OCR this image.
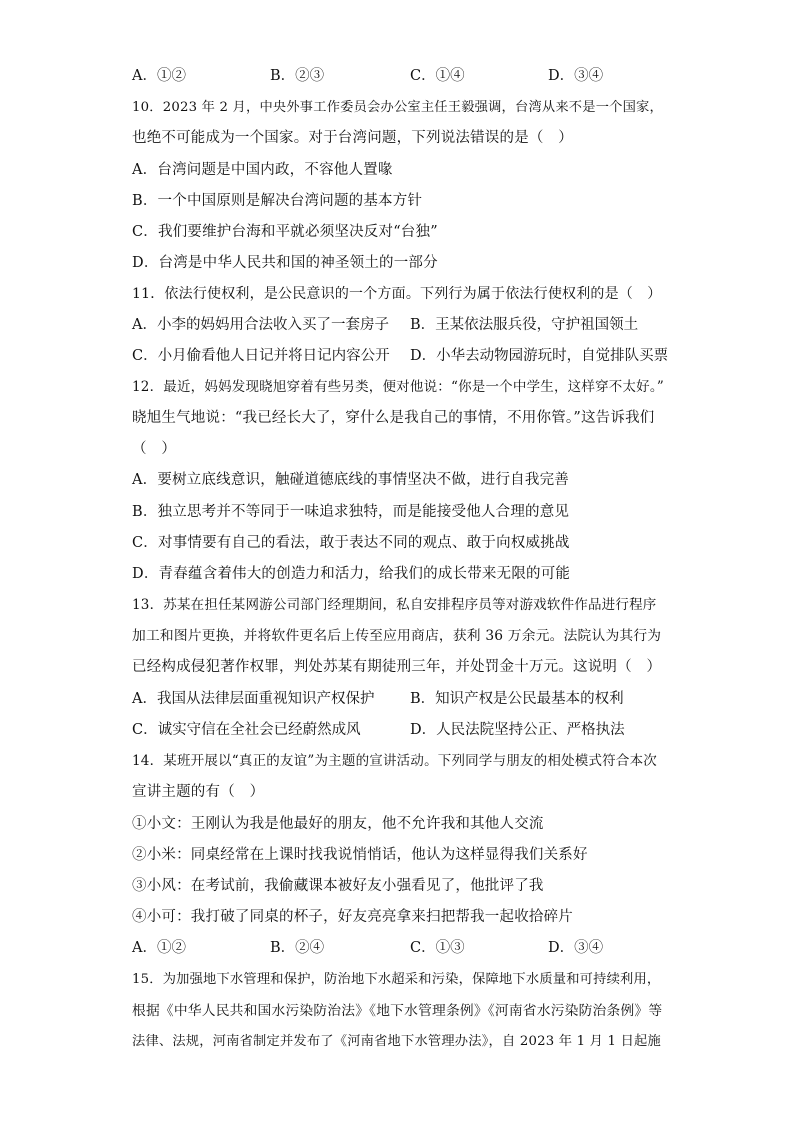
A．①②	B．②③	C．①④	D．③④
10．2023 年 2 月，中央外事工作委员会办公室主任王毅强调，台湾从来不是一个国家，
也绝不可能成为一个国家。对于台湾问题，下列说法错误的是（　）
A．台湾问题是中国内政，不容他人置喙
B．一个中国原则是解决台湾问题的基本方针
C．我们要维护台海和平就必须坚决反对“台独”
D．台湾是中华人民共和国的神圣领土的一部分
11．依法行使权利，是公民意识的一个方面。下列行为属于依法行使权利的是（　）
A．小李的妈妈用合法收入买了一套房子 B．王某依法服兵役，守护祖国领土
C．小月偷看他人日记并将日记内容公开 D．小华去动物园游玩时，自觉排队买票
12．最近，妈妈发现晓旭穿着有些另类，便对他说：“你是一个中学生，这样穿不太好。”
晓旭生气地说：“我已经长大了，穿什么是我自己的事情，不用你管。”这告诉我们
（　）
A．要树立底线意识，触碰道德底线的事情坚决不做，进行自我完善
B．独立思考并不等同于一味追求独特，而是能接受他人合理的意见
C．对事情要有自己的看法，敢于表达不同的观点、敢于向权威挑战
D．青春蕴含着伟大的创造力和活力，给我们的成长带来无限的可能
13．苏某在担任某网游公司部门经理期间，私自安排程序员等对游戏软件作品进行程序
加工和图片更换，并将软件更名后上传至应用商店，获利 36 万余元。法院认为其行为
已经构成侵犯著作权罪，判处苏某有期徒刑三年，并处罚金十万元。这说明（　）
A．我国从法律层面重视知识产权保护 B．知识产权是公民最基本的权利
C．诚实守信在全社会已经蔚然成风	D．人民法院坚持公正、严格执法
14．某班开展以“真正的友谊”为主题的宣讲活动。下列同学与朋友的相处模式符合本次
宣讲主题的有（　）
①小文：王刚认为我是他最好的朋友，他不允许我和其他人交流
②小米：同桌经常在上课时找我说悄悄话，他认为这样显得我们关系好
③小风：在考试前，我偷藏课本被好友小强看见了，他批评了我
④小可：我打破了同桌的杯子，好友亮亮拿来扫把帮我一起收拾碎片
A．①②	B．②④	C．①③	D．③④
15．为加强地下水管理和保护，防治地下水超采和污染，保障地下水质量和可持续利用，
根据《中华人民共和国水污染防治法》《地下水管理条例》《河南省水污染防治条例》等
法律、法规，河南省制定并发布了《河南省地下水管理办法》，自 2023 年 1 月 1 日起施
